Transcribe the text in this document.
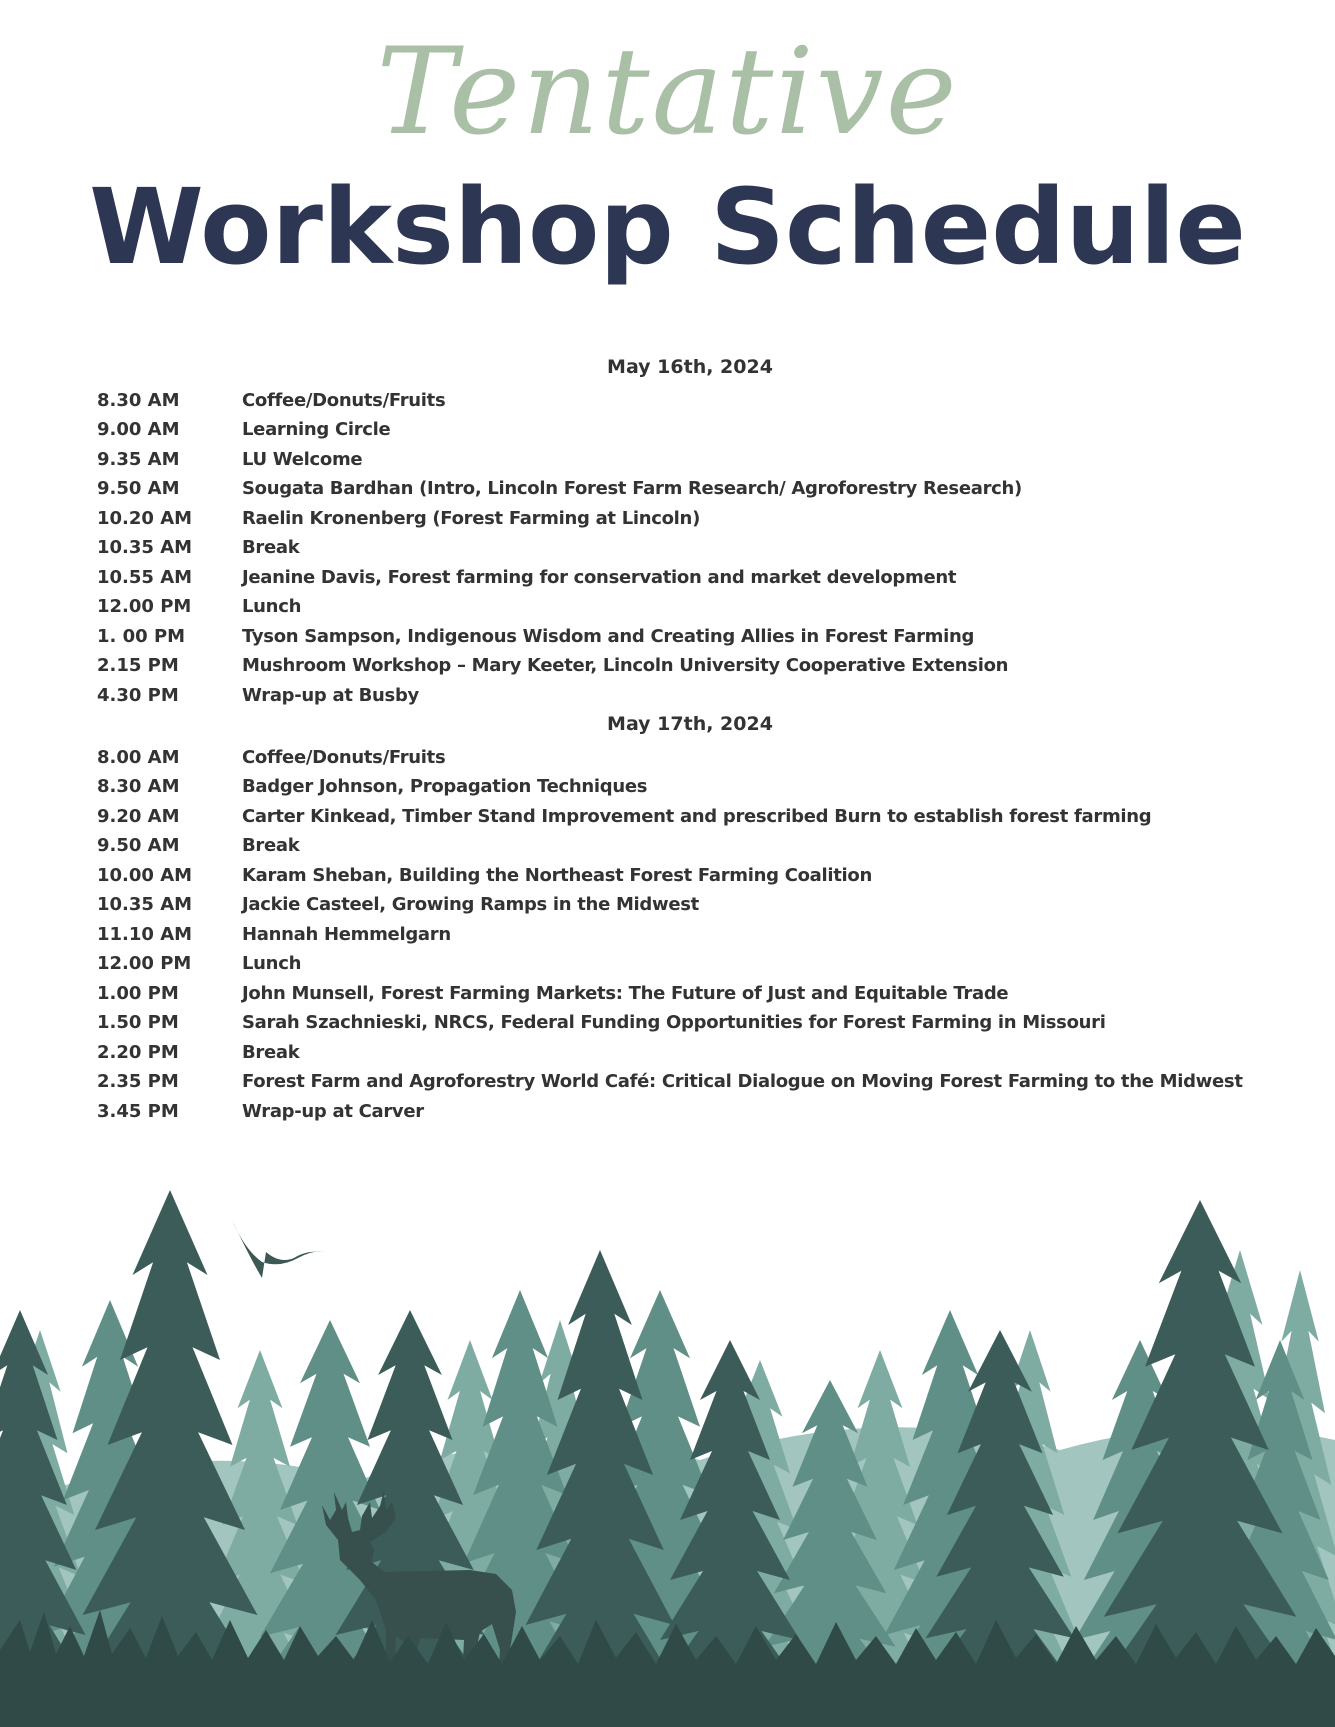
Tentative
Workshop Schedule
May 16th, 2024
8.30 AM	Coffee/Donuts/Fruits
9.00 AM	Learning Circle
9.35 AM	LU Welcome
9.50 AM	Sougata Bardhan (Intro, Lincoln Forest Farm Research/ Agroforestry Research)
10.20 AM	Raelin Kronenberg (Forest Farming at Lincoln)
10.35 AM	Break
10.55 AM	Jeanine Davis, Forest farming for conservation and market development
12.00 PM	Lunch
1. 00 PM	Tyson Sampson, Indigenous Wisdom and Creating Allies in Forest Farming
2.15 PM	Mushroom Workshop – Mary Keeter, Lincoln University Cooperative Extension
4.30 PM	Wrap-up at Busby
May 17th, 2024
8.00 AM	Coffee/Donuts/Fruits
8.30 AM	Badger Johnson, Propagation Techniques
9.20 AM	Carter Kinkead, Timber Stand Improvement and prescribed Burn to establish forest farming
9.50 AM	Break
10.00 AM	Karam Sheban, Building the Northeast Forest Farming Coalition
10.35 AM	Jackie Casteel, Growing Ramps in the Midwest
11.10 AM	Hannah Hemmelgarn
12.00 PM	Lunch
1.00 PM	John Munsell, Forest Farming Markets: The Future of Just and Equitable Trade
1.50 PM	Sarah Szachnieski, NRCS, Federal Funding Opportunities for Forest Farming in Missouri
2.20 PM	Break
2.35 PM	Forest Farm and Agroforestry World Café: Critical Dialogue on Moving Forest Farming to the Midwest
3.45 PM	Wrap-up at Carver
